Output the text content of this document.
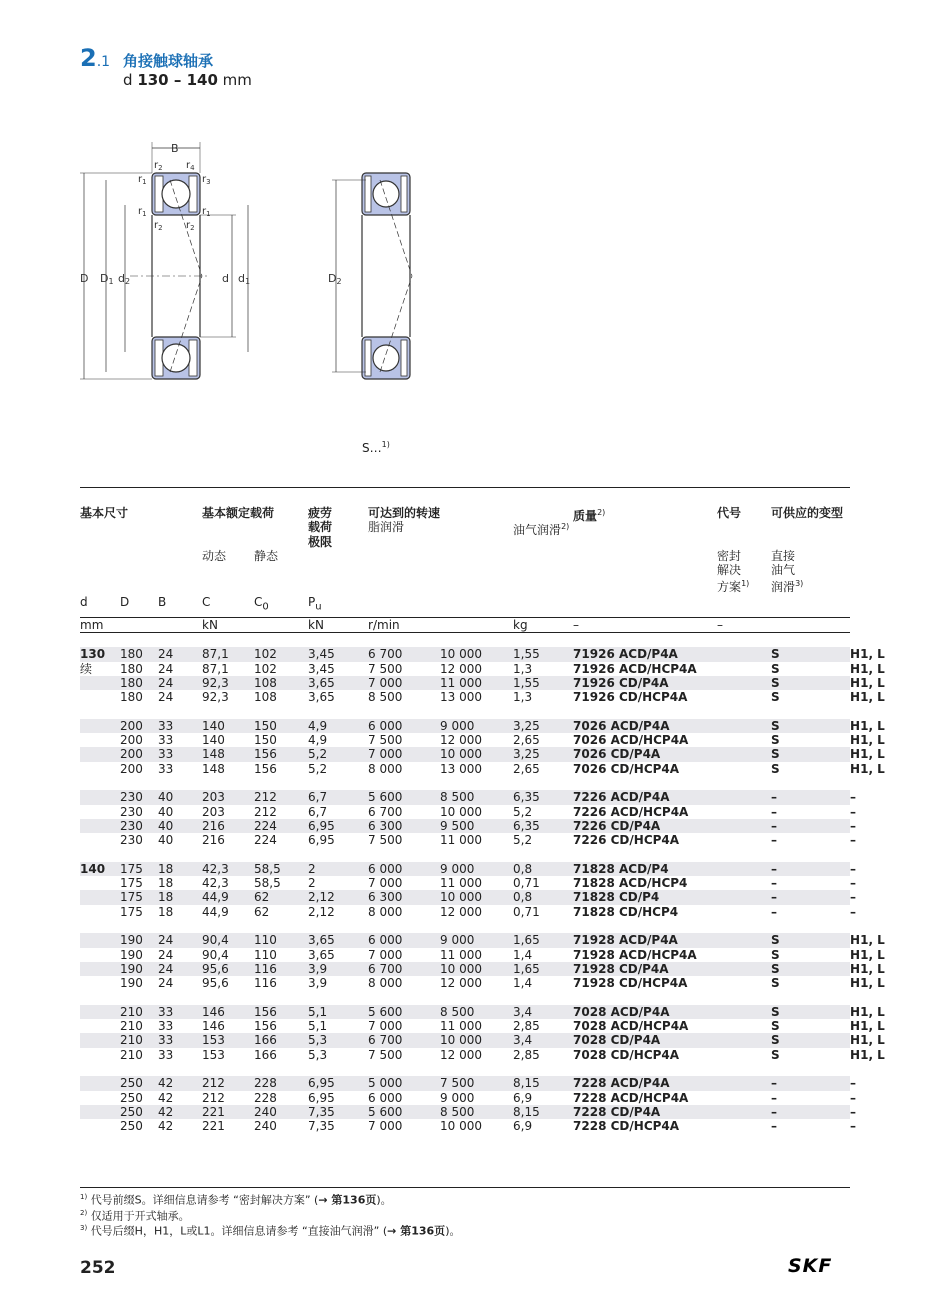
2.1 角接触球轴承
d 130 – 140 mm
B
$r_2$ $r_4$
$r_1$	$r_3$
$r_1$	$r_1$
$r_2$ $r_2$
D D1 d2	d d1	D2
S…$^{1)}$
基本尺寸			基本额定载荷		疲劳
载荷
极限	可达到的转速
脂润滑		油气润滑$^{2)}$	质量$^{2)}$	代号	可供应的变型	
			动态	静态						密封
解决
方案$^{1)}$	直接
油气
润滑$^{3)}$
d	D	B	C	$C_0$	$P_u$	
mm			kN		kN	r/min		kg	–	–		

130	180	24	87,1	102	3,45	6 700	10 000	1,55	71926 ACD/P4A		S	H1, L
续	180	24	87,1	102	3,45	7 500	12 000	1,3	71926 ACD/HCP4A		S	H1, L
	180	24	92,3	108	3,65	7 000	11 000	1,55	71926 CD/P4A		S	H1, L
	180	24	92,3	108	3,65	8 500	13 000	1,3	71926 CD/HCP4A		S	H1, L

	200	33	140	150	4,9	6 000	9 000	3,25	7026 ACD/P4A		S	H1, L
	200	33	140	150	4,9	7 500	12 000	2,65	7026 ACD/HCP4A		S	H1, L
	200	33	148	156	5,2	7 000	10 000	3,25	7026 CD/P4A		S	H1, L
	200	33	148	156	5,2	8 000	13 000	2,65	7026 CD/HCP4A		S	H1, L

	230	40	203	212	6,7	5 600	8 500	6,35	7226 ACD/P4A		–	–
	230	40	203	212	6,7	6 700	10 000	5,2	7226 ACD/HCP4A		–	–
	230	40	216	224	6,95	6 300	9 500	6,35	7226 CD/P4A		–	–
	230	40	216	224	6,95	7 500	11 000	5,2	7226 CD/HCP4A		–	–

140	175	18	42,3	58,5	2	6 000	9 000	0,8	71828 ACD/P4		–	–
	175	18	42,3	58,5	2	7 000	11 000	0,71	71828 ACD/HCP4		–	–
	175	18	44,9	62	2,12	6 300	10 000	0,8	71828 CD/P4		–	–
	175	18	44,9	62	2,12	8 000	12 000	0,71	71828 CD/HCP4		–	–

	190	24	90,4	110	3,65	6 000	9 000	1,65	71928 ACD/P4A		S	H1, L
	190	24	90,4	110	3,65	7 000	11 000	1,4	71928 ACD/HCP4A		S	H1, L
	190	24	95,6	116	3,9	6 700	10 000	1,65	71928 CD/P4A		S	H1, L
	190	24	95,6	116	3,9	8 000	12 000	1,4	71928 CD/HCP4A		S	H1, L

	210	33	146	156	5,1	5 600	8 500	3,4	7028 ACD/P4A		S	H1, L
	210	33	146	156	5,1	7 000	11 000	2,85	7028 ACD/HCP4A		S	H1, L
	210	33	153	166	5,3	6 700	10 000	3,4	7028 CD/P4A		S	H1, L
	210	33	153	166	5,3	7 500	12 000	2,85	7028 CD/HCP4A		S	H1, L

	250	42	212	228	6,95	5 000	7 500	8,15	7228 ACD/P4A		–	–
	250	42	212	228	6,95	6 000	9 000	6,9	7228 ACD/HCP4A		–	–
	250	42	221	240	7,35	5 600	8 500	8,15	7228 CD/P4A		–	–
	250	42	221	240	7,35	7 000	10 000	6,9	7228 CD/HCP4A		–	–
$^{1)}$ 代号前缀S。详细信息请参考 “密封解决方案” (→ 第136页)。
$^{2)}$ 仅适用于开式轴承。
$^{3)}$ 代号后缀H，H1，L或L1。详细信息请参考 “直接油气润滑” (→ 第136页)。
252	SKF
